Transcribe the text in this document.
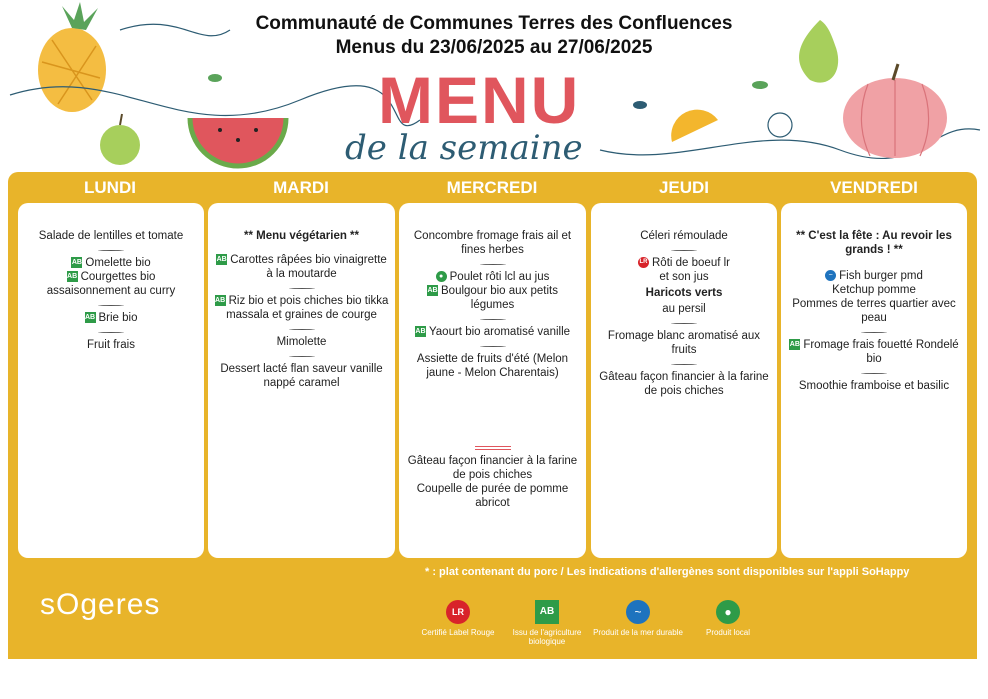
Communauté de Communes Terres des Confluences
Menus du 23/06/2025 au 27/06/2025
MENU
de la semaine
LUNDI	MARDI	MERCREDI	JEUDI	VENDREDI
Salade de lentilles et tomate
AB Omelette bio
AB Courgettes bio assaisonnement au curry
AB Brie bio
Fruit frais
** Menu végétarien **
AB Carottes râpées bio vinaigrette à la moutarde
AB Riz bio et pois chiches bio tikka massala et graines de courge
Mimolette
Dessert lacté flan saveur vanille nappé caramel
Concombre fromage frais ail et fines herbes
● Poulet rôti lcl au jus
AB Boulgour bio aux petits légumes
AB Yaourt bio aromatisé vanille
Assiette de fruits d'été (Melon jaune - Melon Charentais)
Gâteau façon financier à la farine de pois chiches
Coupelle de purée de pomme abricot
Céleri rémoulade
LR Rôti de boeuf lr
et son jus
Haricots verts
au persil
Fromage blanc aromatisé aux fruits
Gâteau façon financier à la farine de pois chiches
** C'est la fête : Au revoir les grands ! **
~ Fish burger pmd
Ketchup pomme
Pommes de terres quartier avec peau
AB Fromage frais fouetté Rondelé bio
Smoothie framboise et basilic
* : plat contenant du porc / Les indications d'allergènes sont disponibles sur l'appli SoHappy
sOgeres	LR
Certifié Label Rouge
AB
Issu de l'agriculture biologique
~
Produit de la mer durable
●
Produit local
